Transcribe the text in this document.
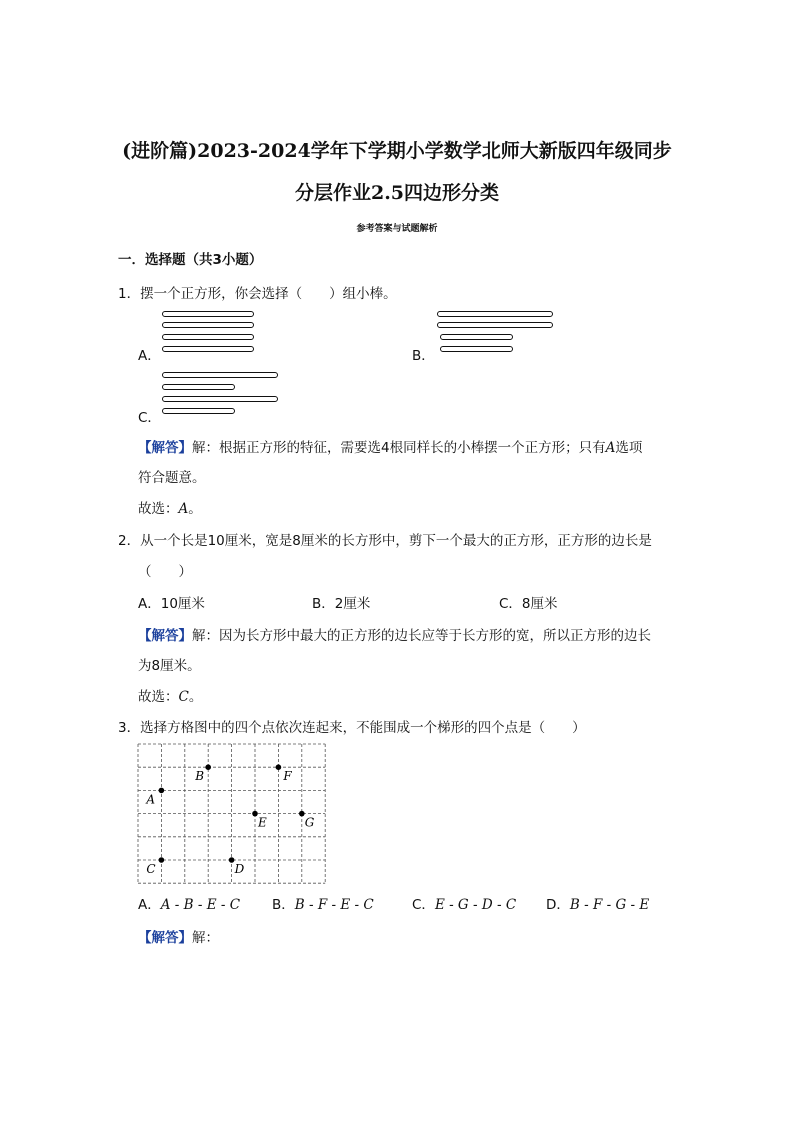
(进阶篇)2023-2024学年下学期小学数学北师大新版四年级同步
分层作业2.5四边形分类
参考答案与试题解析
一．选择题（共3小题）
1．摆一个正方形，你会选择（　　）组小棒。
A．	B．
C．
【解答】解：根据正方形的特征，需要选4根同样长的小棒摆一个正方形；只有A选项
符合题意。
故选：A。
2．从一个长是10厘米，宽是8厘米的长方形中，剪下一个最大的正方形，正方形的边长是
（　　）
A．10厘米	B．2厘米	C．8厘米
【解答】解：因为长方形中最大的正方形的边长应等于长方形的宽，所以正方形的边长
为8厘米。
故选：C。
3．选择方格图中的四个点依次连起来，不能围成一个梯形的四个点是（　　）
A
B	F
E	G
C	D
A．A - B - E - C B．B - F - E - C	C．E - G - D - C D．B - F - G - E
【解答】解：
